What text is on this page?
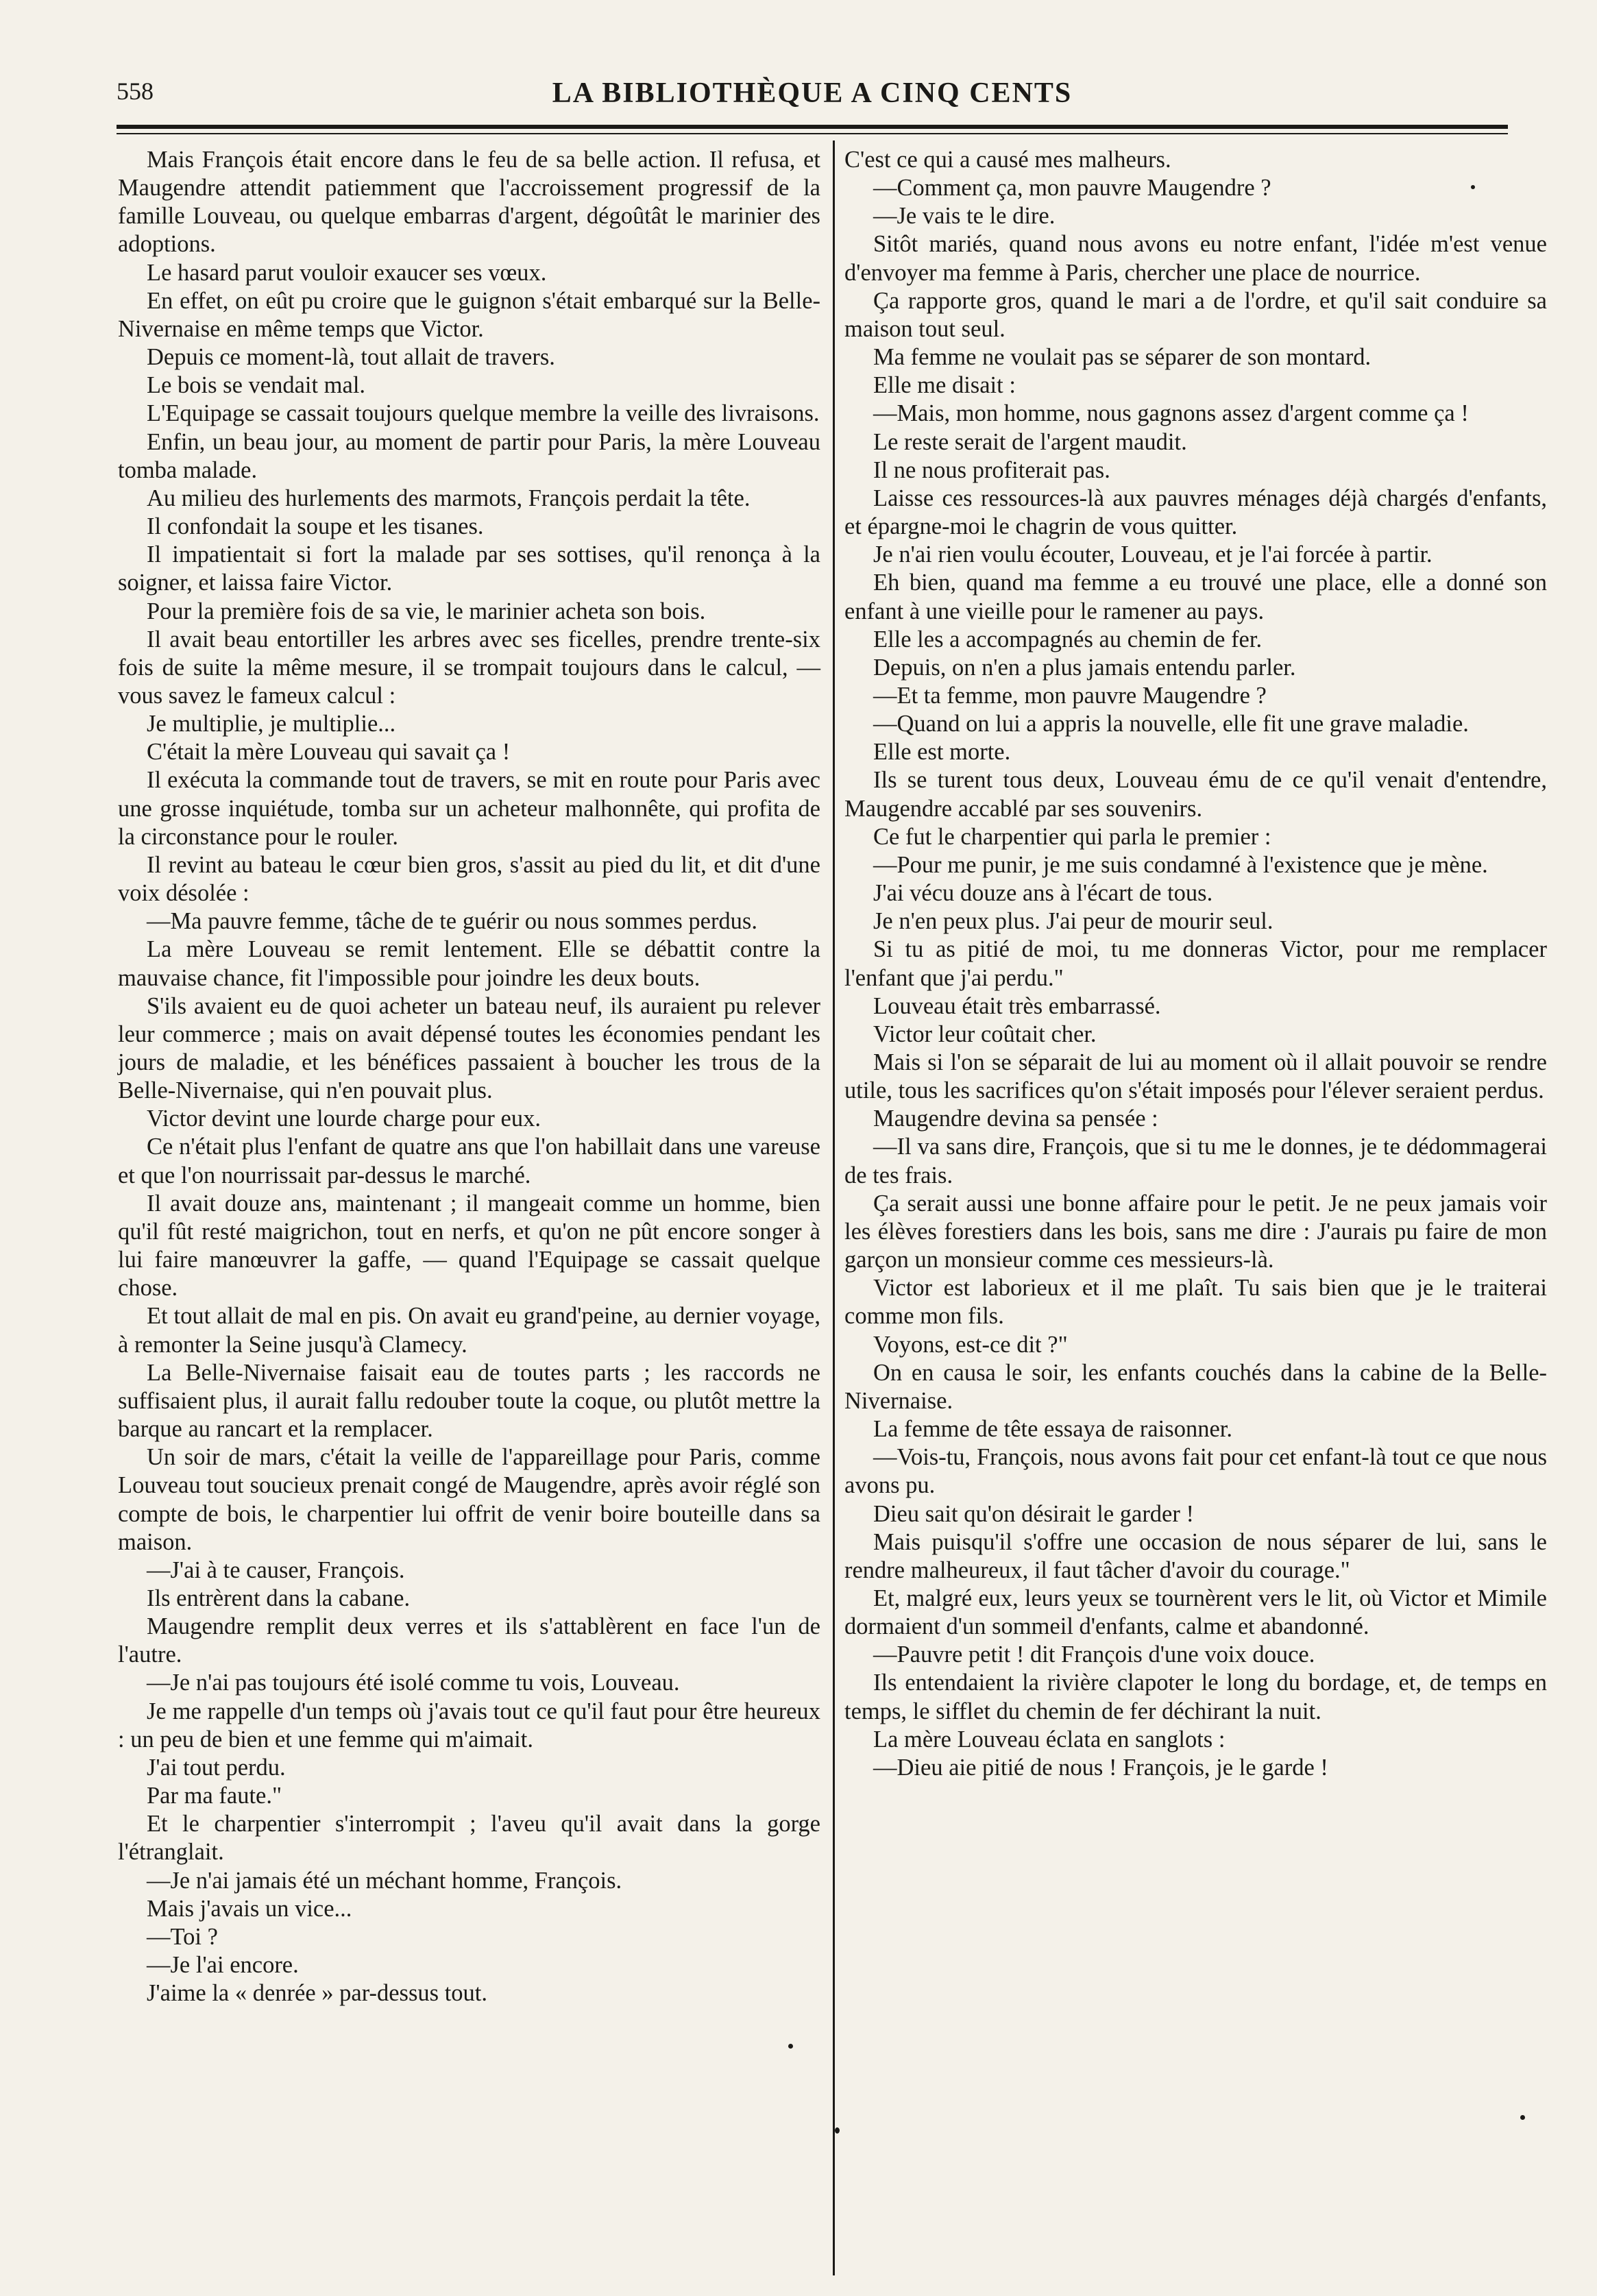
558	LA BIBLIOTHÈQUE A CINQ CENTS

Mais François était encore dans le feu de sa belle action. Il refusa, et Maugendre attendit patiemment que l'accroissement progressif de la famille Louveau, ou quelque embarras d'argent, dégoûtât le marinier des adoptions.

Le hasard parut vouloir exaucer ses vœux.

En effet, on eût pu croire que le guignon s'était embarqué sur la Belle-Nivernaise en même temps que Victor.

Depuis ce moment-là, tout allait de travers.

Le bois se vendait mal.

L'Equipage se cassait toujours quelque membre la veille des livraisons.

Enfin, un beau jour, au moment de partir pour Paris, la mère Louveau tomba malade.

Au milieu des hurlements des marmots, François perdait la tête.

Il confondait la soupe et les tisanes.

Il impatientait si fort la malade par ses sottises, qu'il renonça à la soigner, et laissa faire Victor.

Pour la première fois de sa vie, le marinier acheta son bois.

Il avait beau entortiller les arbres avec ses ficelles, prendre trente-six fois de suite la même mesure, il se trompait toujours dans le calcul, — vous savez le fameux calcul :

Je multiplie, je multiplie...

C'était la mère Louveau qui savait ça !

Il exécuta la commande tout de travers, se mit en route pour Paris avec une grosse inquiétude, tomba sur un acheteur malhonnête, qui profita de la circonstance pour le rouler.

Il revint au bateau le cœur bien gros, s'assit au pied du lit, et dit d'une voix désolée :

—Ma pauvre femme, tâche de te guérir ou nous sommes perdus.

La mère Louveau se remit lentement. Elle se débattit contre la mauvaise chance, fit l'impossible pour joindre les deux bouts.

S'ils avaient eu de quoi acheter un bateau neuf, ils auraient pu relever leur commerce ; mais on avait dépensé toutes les économies pendant les jours de maladie, et les bénéfices passaient à boucher les trous de la Belle-Nivernaise, qui n'en pouvait plus.

Victor devint une lourde charge pour eux.

Ce n'était plus l'enfant de quatre ans que l'on habillait dans une vareuse et que l'on nourrissait par-dessus le marché.

Il avait douze ans, maintenant ; il mangeait comme un homme, bien qu'il fût resté maigrichon, tout en nerfs, et qu'on ne pût encore songer à lui faire manœuvrer la gaffe, — quand l'Equipage se cassait quelque chose.

Et tout allait de mal en pis. On avait eu grand'peine, au dernier voyage, à remonter la Seine jusqu'à Clamecy.

La Belle-Nivernaise faisait eau de toutes parts ; les raccords ne suffisaient plus, il aurait fallu redouber toute la coque, ou plutôt mettre la barque au rancart et la remplacer.

Un soir de mars, c'était la veille de l'appareillage pour Paris, comme Louveau tout soucieux prenait congé de Maugendre, après avoir réglé son compte de bois, le charpentier lui offrit de venir boire bouteille dans sa maison.

—J'ai à te causer, François.

Ils entrèrent dans la cabane.

Maugendre remplit deux verres et ils s'attablèrent en face l'un de l'autre.

—Je n'ai pas toujours été isolé comme tu vois, Louveau.

Je me rappelle d'un temps où j'avais tout ce qu'il faut pour être heureux : un peu de bien et une femme qui m'aimait.

J'ai tout perdu.

Par ma faute."

Et le charpentier s'interrompit ; l'aveu qu'il avait dans la gorge l'étranglait.

—Je n'ai jamais été un méchant homme, François.

Mais j'avais un vice...

—Toi ?

—Je l'ai encore.

J'aime la « denrée » par-dessus tout.

C'est ce qui a causé mes malheurs.

—Comment ça, mon pauvre Maugendre ?

—Je vais te le dire.

Sitôt mariés, quand nous avons eu notre enfant, l'idée m'est venue d'envoyer ma femme à Paris, chercher une place de nourrice.

Ça rapporte gros, quand le mari a de l'ordre, et qu'il sait conduire sa maison tout seul.

Ma femme ne voulait pas se séparer de son montard.

Elle me disait :

—Mais, mon homme, nous gagnons assez d'argent comme ça !

Le reste serait de l'argent maudit.

Il ne nous profiterait pas.

Laisse ces ressources-là aux pauvres ménages déjà chargés d'enfants, et épargne-moi le chagrin de vous quitter.

Je n'ai rien voulu écouter, Louveau, et je l'ai forcée à partir.

Eh bien, quand ma femme a eu trouvé une place, elle a donné son enfant à une vieille pour le ramener au pays.

Elle les a accompagnés au chemin de fer.

Depuis, on n'en a plus jamais entendu parler.

—Et ta femme, mon pauvre Maugendre ?

—Quand on lui a appris la nouvelle, elle fit une grave maladie.

Elle est morte.

Ils se turent tous deux, Louveau ému de ce qu'il venait d'entendre, Maugendre accablé par ses souvenirs.

Ce fut le charpentier qui parla le premier :

—Pour me punir, je me suis condamné à l'existence que je mène.

J'ai vécu douze ans à l'écart de tous.

Je n'en peux plus. J'ai peur de mourir seul.

Si tu as pitié de moi, tu me donneras Victor, pour me remplacer l'enfant que j'ai perdu."

Louveau était très embarrassé.

Victor leur coûtait cher.

Mais si l'on se séparait de lui au moment où il allait pouvoir se rendre utile, tous les sacrifices qu'on s'était imposés pour l'élever seraient perdus.

Maugendre devina sa pensée :

—Il va sans dire, François, que si tu me le donnes, je te dédommagerai de tes frais.

Ça serait aussi une bonne affaire pour le petit. Je ne peux jamais voir les élèves forestiers dans les bois, sans me dire : J'aurais pu faire de mon garçon un monsieur comme ces messieurs-là.

Victor est laborieux et il me plaît. Tu sais bien que je le traiterai comme mon fils.

Voyons, est-ce dit ?"

On en causa le soir, les enfants couchés dans la cabine de la Belle-Nivernaise.

La femme de tête essaya de raisonner.

—Vois-tu, François, nous avons fait pour cet enfant-là tout ce que nous avons pu.

Dieu sait qu'on désirait le garder !

Mais puisqu'il s'offre une occasion de nous séparer de lui, sans le rendre malheureux, il faut tâcher d'avoir du courage."

Et, malgré eux, leurs yeux se tournèrent vers le lit, où Victor et Mimile dormaient d'un sommeil d'enfants, calme et abandonné.

—Pauvre petit ! dit François d'une voix douce.

Ils entendaient la rivière clapoter le long du bordage, et, de temps en temps, le sifflet du chemin de fer déchirant la nuit.

La mère Louveau éclata en sanglots :

—Dieu aie pitié de nous ! François, je le garde !
